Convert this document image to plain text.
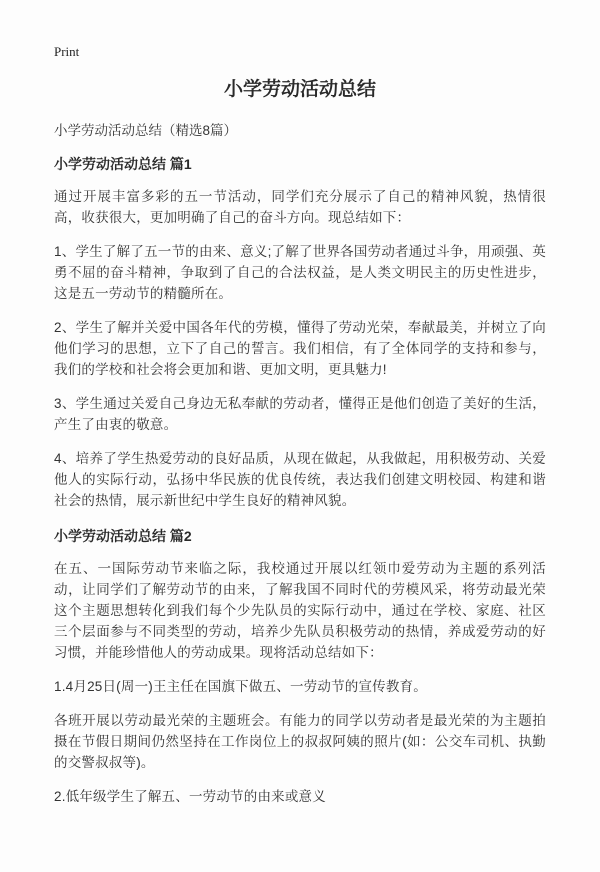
Print
小学劳动活动总结
小学劳动活动总结（精选8篇）
小学劳动活动总结 篇1

通过开展丰富多彩的五一节活动，同学们充分展示了自己的精神风貌，热情很高，收获很大，更加明确了自己的奋斗方向。现总结如下：

1、学生了解了五一节的由来、意义;了解了世界各国劳动者通过斗争，用顽强、英勇不屈的奋斗精神，争取到了自己的合法权益，是人类文明民主的历史性进步，这是五一劳动节的精髓所在。

2、学生了解并关爱中国各年代的劳模，懂得了劳动光荣，奉献最美，并树立了向他们学习的思想，立下了自己的誓言。我们相信，有了全体同学的支持和参与，我们的学校和社会将会更加和谐、更加文明，更具魅力!

3、学生通过关爱自己身边无私奉献的劳动者，懂得正是他们创造了美好的生活，产生了由衷的敬意。

4、培养了学生热爱劳动的良好品质，从现在做起，从我做起，用积极劳动、关爱他人的实际行动，弘扬中华民族的优良传统，表达我们创建文明校园、构建和谐社会的热情，展示新世纪中学生良好的精神风貌。

小学劳动活动总结 篇2

在五、一国际劳动节来临之际，我校通过开展以红领巾爱劳动为主题的系列活动，让同学们了解劳动节的由来，了解我国不同时代的劳模风采，将劳动最光荣这个主题思想转化到我们每个少先队员的实际行动中，通过在学校、家庭、社区三个层面参与不同类型的劳动，培养少先队员积极劳动的热情，养成爱劳动的好习惯，并能珍惜他人的劳动成果。现将活动总结如下：

1.4月25日(周一)王主任在国旗下做五、一劳动节的宣传教育。

各班开展以劳动最光荣的主题班会。有能力的同学以劳动者是最光荣的为主题拍摄在节假日期间仍然坚持在工作岗位上的叔叔阿姨的照片(如：公交车司机、执勤的交警叔叔等)。

2.低年级学生了解五、一劳动节的由来或意义
